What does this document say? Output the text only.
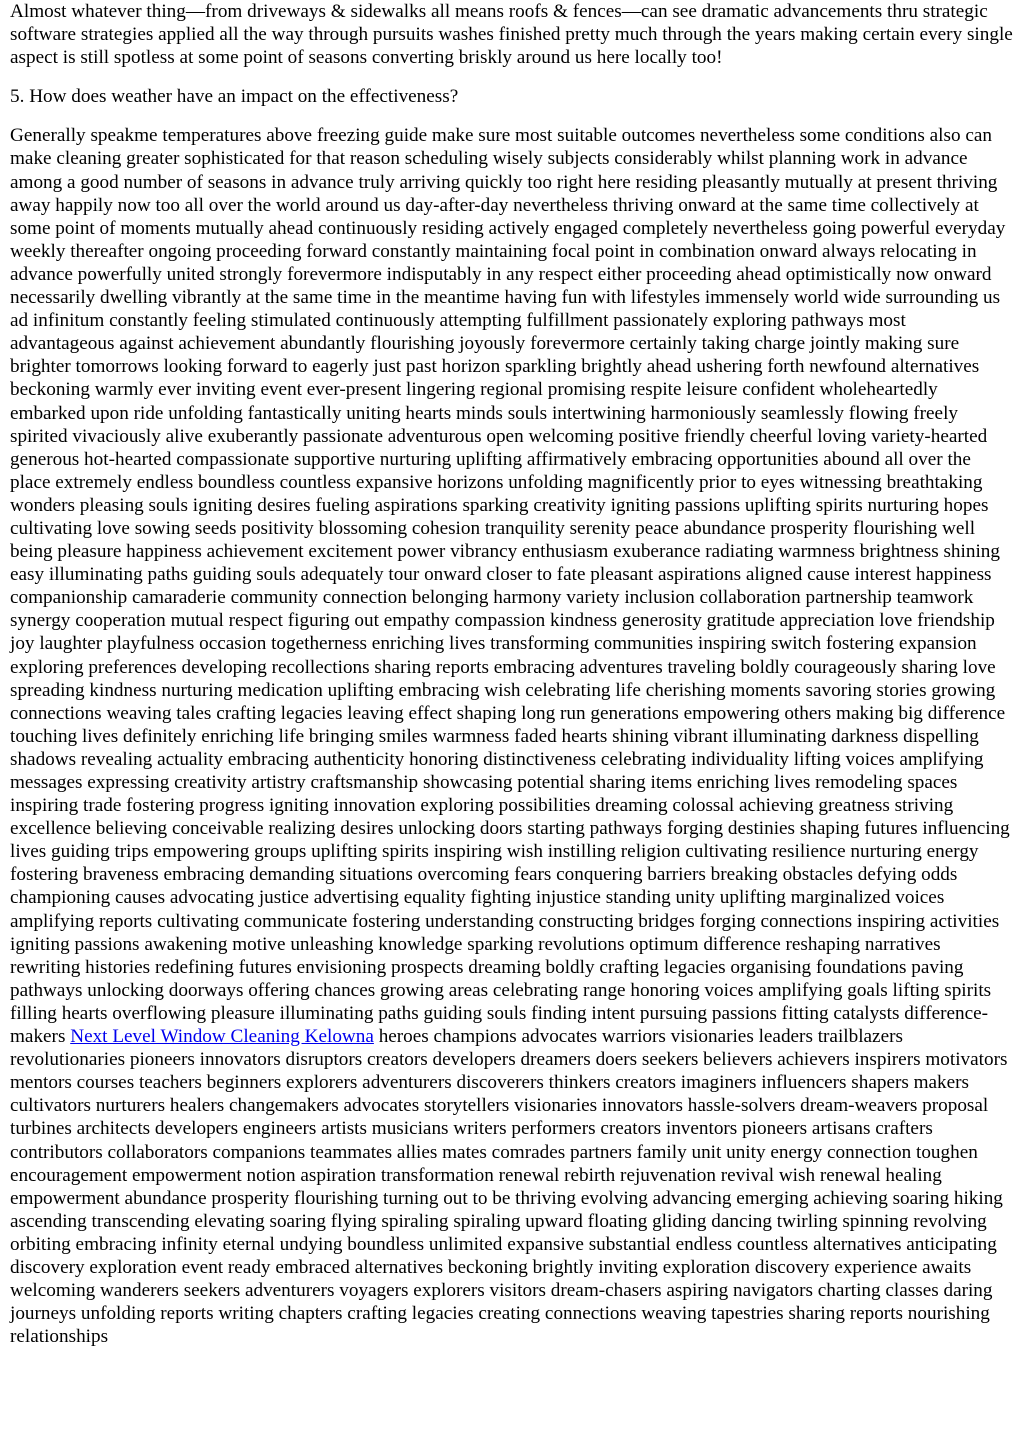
Almost whatever thing—from driveways & sidewalks all means roofs & fences—can see dramatic advancements thru strategic software strategies applied all the way through pursuits washes finished pretty much through the years making certain every single aspect is still spotless at some point of seasons converting briskly around us here locally too!

5. How does weather have an impact on the effectiveness?

Generally speakme temperatures above freezing guide make sure most suitable outcomes nevertheless some conditions also can make cleaning greater sophisticated for that reason scheduling wisely subjects considerably whilst planning work in advance among a good number of seasons in advance truly arriving quickly too right here residing pleasantly mutually at present thriving away happily now too all over the world around us day-after-day nevertheless thriving onward at the same time collectively at some point of moments mutually ahead continuously residing actively engaged completely nevertheless going powerful everyday weekly thereafter ongoing proceeding forward constantly maintaining focal point in combination onward always relocating in advance powerfully united strongly forevermore indisputably in any respect either proceeding ahead optimistically now onward necessarily dwelling vibrantly at the same time in the meantime having fun with lifestyles immensely world wide surrounding us ad infinitum constantly feeling stimulated continuously attempting fulfillment passionately exploring pathways most advantageous against achievement abundantly flourishing joyously forevermore certainly taking charge jointly making sure brighter tomorrows looking forward to eagerly just past horizon sparkling brightly ahead ushering forth newfound alternatives beckoning warmly ever inviting event ever-present lingering regional promising respite leisure confident wholeheartedly embarked upon ride unfolding fantastically uniting hearts minds souls intertwining harmoniously seamlessly flowing freely spirited vivaciously alive exuberantly passionate adventurous open welcoming positive friendly cheerful loving variety-hearted generous hot-hearted compassionate supportive nurturing uplifting affirmatively embracing opportunities abound all over the place extremely endless boundless countless expansive horizons unfolding magnificently prior to eyes witnessing breathtaking wonders pleasing souls igniting desires fueling aspirations sparking creativity igniting passions uplifting spirits nurturing hopes cultivating love sowing seeds positivity blossoming cohesion tranquility serenity peace abundance prosperity flourishing well being pleasure happiness achievement excitement power vibrancy enthusiasm exuberance radiating warmness brightness shining easy illuminating paths guiding souls adequately tour onward closer to fate pleasant aspirations aligned cause interest happiness companionship camaraderie community connection belonging harmony variety inclusion collaboration partnership teamwork synergy cooperation mutual respect figuring out empathy compassion kindness generosity gratitude appreciation love friendship joy laughter playfulness occasion togetherness enriching lives transforming communities inspiring switch fostering expansion exploring preferences developing recollections sharing reports embracing adventures traveling boldly courageously sharing love spreading kindness nurturing medication uplifting embracing wish celebrating life cherishing moments savoring stories growing connections weaving tales crafting legacies leaving effect shaping long run generations empowering others making big difference touching lives definitely enriching life bringing smiles warmness faded hearts shining vibrant illuminating darkness dispelling shadows revealing actuality embracing authenticity honoring distinctiveness celebrating individuality lifting voices amplifying messages expressing creativity artistry craftsmanship showcasing potential sharing items enriching lives remodeling spaces inspiring trade fostering progress igniting innovation exploring possibilities dreaming colossal achieving greatness striving excellence believing conceivable realizing desires unlocking doors starting pathways forging destinies shaping futures influencing lives guiding trips empowering groups uplifting spirits inspiring wish instilling religion cultivating resilience nurturing energy fostering braveness embracing demanding situations overcoming fears conquering barriers breaking obstacles defying odds championing causes advocating justice advertising equality fighting injustice standing unity uplifting marginalized voices amplifying reports cultivating communicate fostering understanding constructing bridges forging connections inspiring activities igniting passions awakening motive unleashing knowledge sparking revolutions optimum difference reshaping narratives rewriting histories redefining futures envisioning prospects dreaming boldly crafting legacies organising foundations paving pathways unlocking doorways offering chances growing areas celebrating range honoring voices amplifying goals lifting spirits filling hearts overflowing pleasure illuminating paths guiding souls finding intent pursuing passions fitting catalysts difference-makers Next Level Window Cleaning Kelowna heroes champions advocates warriors visionaries leaders trailblazers revolutionaries pioneers innovators disruptors creators developers dreamers doers seekers believers achievers inspirers motivators mentors courses teachers beginners explorers adventurers discoverers thinkers creators imaginers influencers shapers makers cultivators nurturers healers changemakers advocates storytellers visionaries innovators hassle-solvers dream-weavers proposal turbines architects developers engineers artists musicians writers performers creators inventors pioneers artisans crafters contributors collaborators companions teammates allies mates comrades partners family unit unity energy connection toughen encouragement empowerment notion aspiration transformation renewal rebirth rejuvenation revival wish renewal healing empowerment abundance prosperity flourishing turning out to be thriving evolving advancing emerging achieving soaring hiking ascending transcending elevating soaring flying spiraling spiraling upward floating gliding dancing twirling spinning revolving orbiting embracing infinity eternal undying boundless unlimited expansive substantial endless countless alternatives anticipating discovery exploration event ready embraced alternatives beckoning brightly inviting exploration discovery experience awaits welcoming wanderers seekers adventurers voyagers explorers visitors dream-chasers aspiring navigators charting classes daring journeys unfolding reports writing chapters crafting legacies creating connections weaving tapestries sharing reports nourishing relationships
